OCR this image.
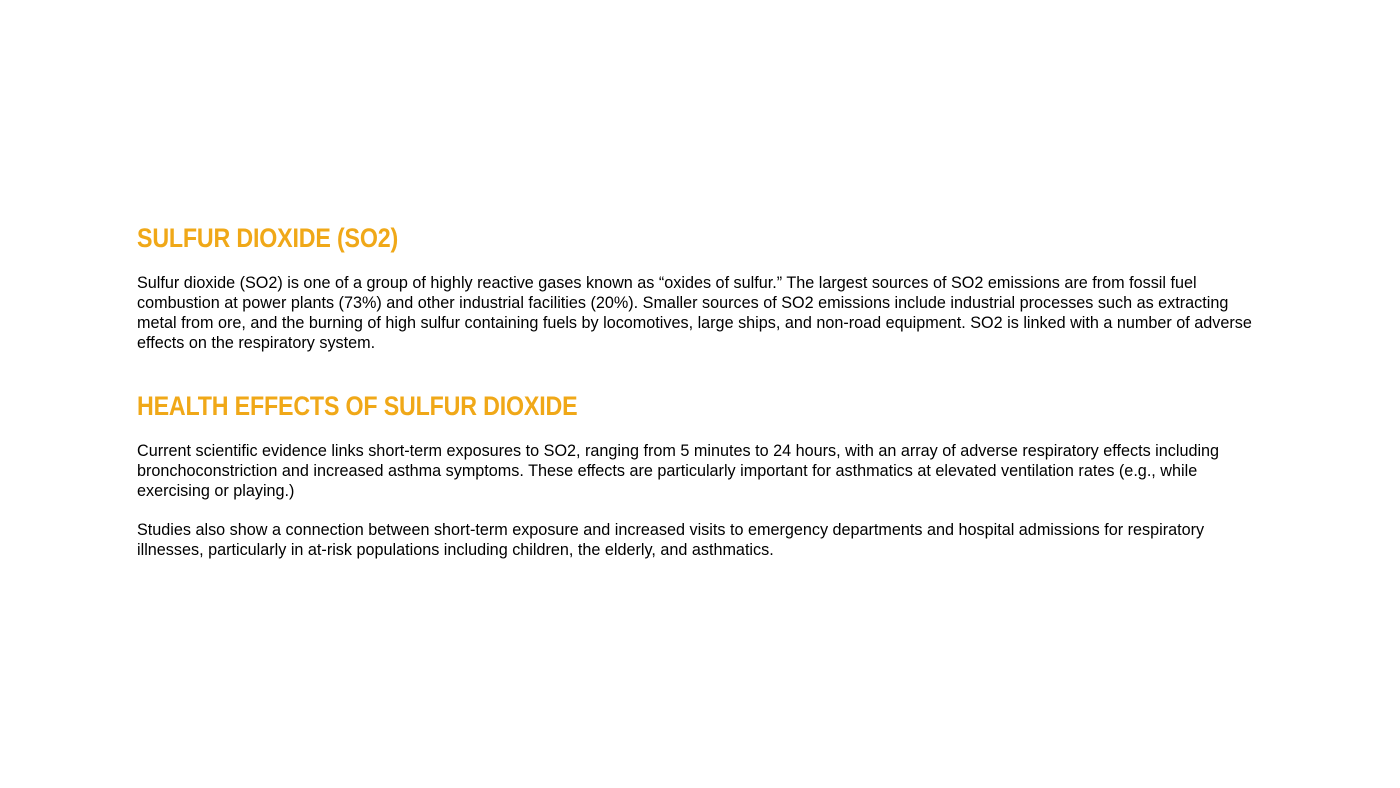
SULFUR DIOXIDE (SO2)

Sulfur dioxide (SO2) is one of a group of highly reactive gases known as “oxides of sulfur.” The largest sources of SO2 emissions are from fossil fuel combustion at power plants (73%) and other industrial facilities (20%). Smaller sources of SO2 emissions include industrial processes such as extracting metal from ore, and the burning of high sulfur containing fuels by locomotives, large ships, and non-road equipment. SO2 is linked with a number of adverse effects on the respiratory system.

HEALTH EFFECTS OF SULFUR DIOXIDE

Current scientific evidence links short-term exposures to SO2, ranging from 5 minutes to 24 hours, with an array of adverse respiratory effects including bronchoconstriction and increased asthma symptoms. These effects are particularly important for asthmatics at elevated ventilation rates (e.g., while exercising or playing.)

Studies also show a connection between short-term exposure and increased visits to emergency departments and hospital admissions for respiratory illnesses, particularly in at-risk populations including children, the elderly, and asthmatics.
